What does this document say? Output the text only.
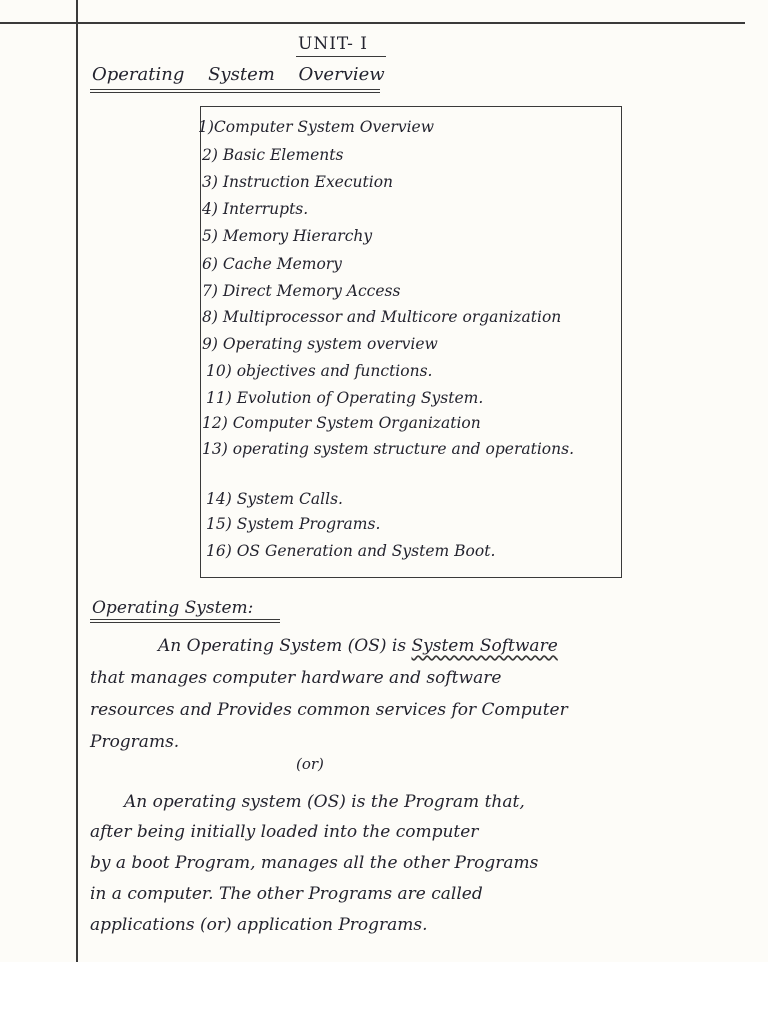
UNIT- I
Operating System Overview
1)Computer System Overview
2) Basic Elements
3) Instruction Execution
4) Interrupts.
5) Memory Hierarchy
6) Cache Memory
7) Direct Memory Access
8) Multiprocessor and Multicore organization
9) Operating system overview
10) objectives and functions.
11) Evolution of Operating System.
12) Computer System Organization
13) operating system structure and operations.
14) System Calls.
15) System Programs.
16) OS Generation and System Boot.
Operating System:
An Operating System (OS) is System Software
that manages computer hardware and software
resources and Provides common services for Computer
Programs.
(or)
An operating system (OS) is the Program that,
after being initially loaded into the computer
by a boot Program, manages all the other Programs
in a computer. The other Programs are called
applications (or) application Programs.
